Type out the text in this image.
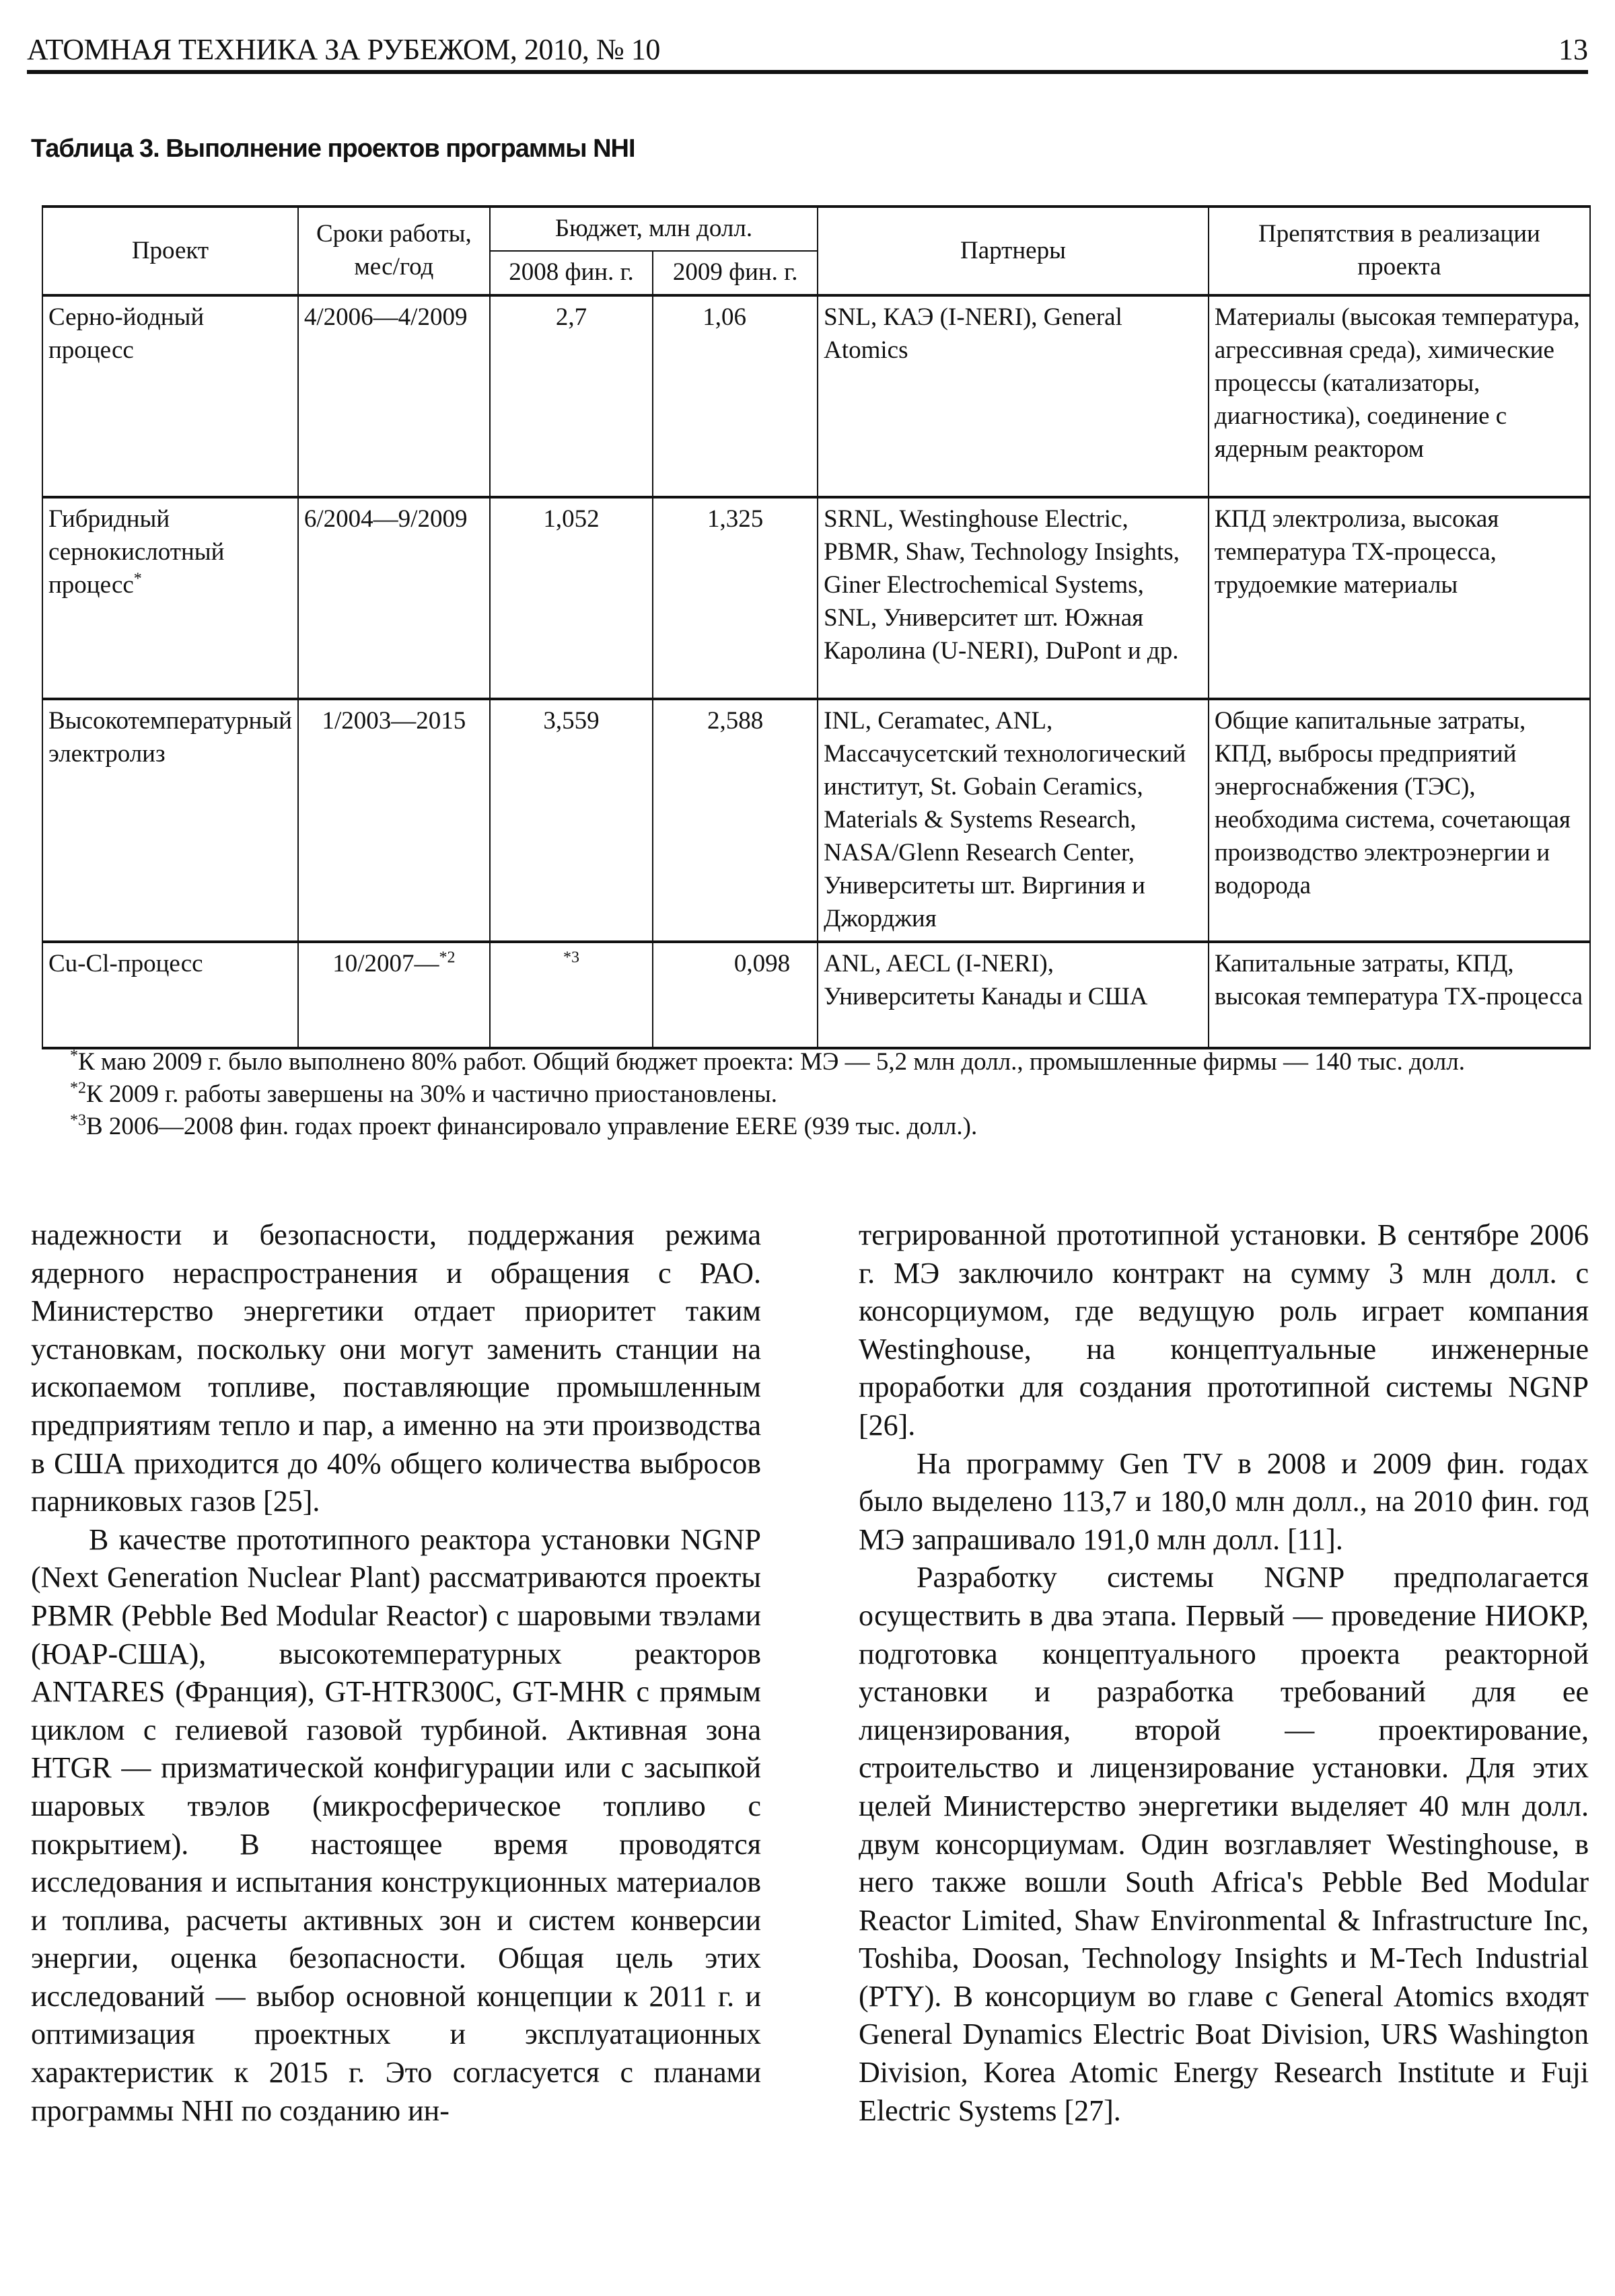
АТОМНАЯ ТЕХНИКА ЗА РУБЕЖОМ, 2010, № 10	13
Таблица 3. Выполнение проектов программы NHI
Проект	Сроки работы, мес/год	Бюджет, млн долл.		Партнеры	Препятствия в реализации проекта
		2008 фин. г.	2009 фин. г.		
Серно-йодный процесс	4/2006—4/2009	2,7	1,06	SNL, КАЭ (I-NERI), General Atomics	Материалы (высокая температура, агрессивная среда), химические процессы (катализаторы, диагностика), соединение с ядерным реактором
Гибридный сернокислотный процесс*	6/2004—9/2009	1,052	1,325	SRNL, Westinghouse Electric, PBMR, Shaw, Technology Insights, Giner Electrochemical Systems, SNL, Университет шт. Южная Каролина (U-NERI), DuPont и др.	КПД электролиза, высокая температура ТХ-процесса, трудоемкие материалы
Высокотемпературный электролиз	1/2003—2015	3,559	2,588	INL, Ceramatec, ANL, Массачусетский технологический институт, St. Gobain Ceramics, Materials & Systems Research, NASA/Glenn Research Center, Университеты шт. Виргиния и Джорджия	Общие капитальные затраты, КПД, выбросы предприятий энергоснабжения (ТЭС), необходима система, сочетающая производство электроэнергии и водорода
Cu-Cl-процесс	10/2007—$^{*2}$	$^{*3}$	0,098	ANL, AECL (I-NERI), Университеты Канады и США	Капитальные затраты, КПД, высокая температура ТХ-процесса

*К маю 2009 г. было выполнено 80% работ. Общий бюджет проекта: МЭ — 5,2 млн долл., промышленные фирмы — 140 тыс. долл.

$^{*2}$К 2009 г. работы завершены на 30% и частично приостановлены.

$^{*3}$В 2006—2008 фин. годах проект финансировало управление EERE (939 тыс. долл.).

надежности и безопасности, поддержания режима ядерного нераспространения и обращения с РАО. Министерство энергетики отдает приоритет таким установкам, поскольку они могут заменить станции на ископаемом топливе, поставляющие промышленным предприятиям тепло и пар, а именно на эти производства в США приходится до 40% общего количества выбросов парниковых газов [25].

В качестве прототипного реактора установки NGNP (Next Generation Nuclear Plant) рассматриваются проекты PBMR (Pebble Bed Modular Reactor) с шаровыми твэлами (ЮАР-США), высокотемпературных реакторов ANTARES (Франция), GT-HTR300C, GT-MHR с прямым циклом с гелиевой газовой турбиной. Активная зона HTGR — призматической конфигурации или с засыпкой шаровых твэлов (микросферическое топливо с покрытием). В настоящее время проводятся исследования и испытания конструкционных материалов и топлива, расчеты активных зон и систем конверсии энергии, оценка безопасности. Общая цель этих исследований — выбор основной концепции к 2011 г. и оптимизация проектных и эксплуатационных характеристик к 2015 г. Это согласуется с планами программы NHI по созданию ин-

тегрированной прототипной установки. В сентябре 2006 г. МЭ заключило контракт на сумму 3 млн долл. с консорциумом, где ведущую роль играет компания Westinghouse, на концептуальные инженерные проработки для создания прототипной системы NGNP [26].

На программу Gen TV в 2008 и 2009 фин. годах было выделено 113,7 и 180,0 млн долл., на 2010 фин. год МЭ запрашивало 191,0 млн долл. [11].

Разработку системы NGNP предполагается осуществить в два этапа. Первый — проведение НИОКР, подготовка концептуального проекта реакторной установки и разработка требований для ее лицензирования, второй — проектирование, строительство и лицензирование установки. Для этих целей Министерство энергетики выделяет 40 млн долл. двум консорциумам. Один возглавляет Westinghouse, в него также вошли South Africa's Pebble Bed Modular Reactor Limited, Shaw Environmental & Infrastructure Inc, Toshiba, Doosan, Technology Insights и M-Tech Industrial (PTY). В консорциум во главе с General Atomics входят General Dynamics Electric Boat Division, URS Washington Division, Korea Atomic Energy Research Institute и Fuji Electric Systems [27].
